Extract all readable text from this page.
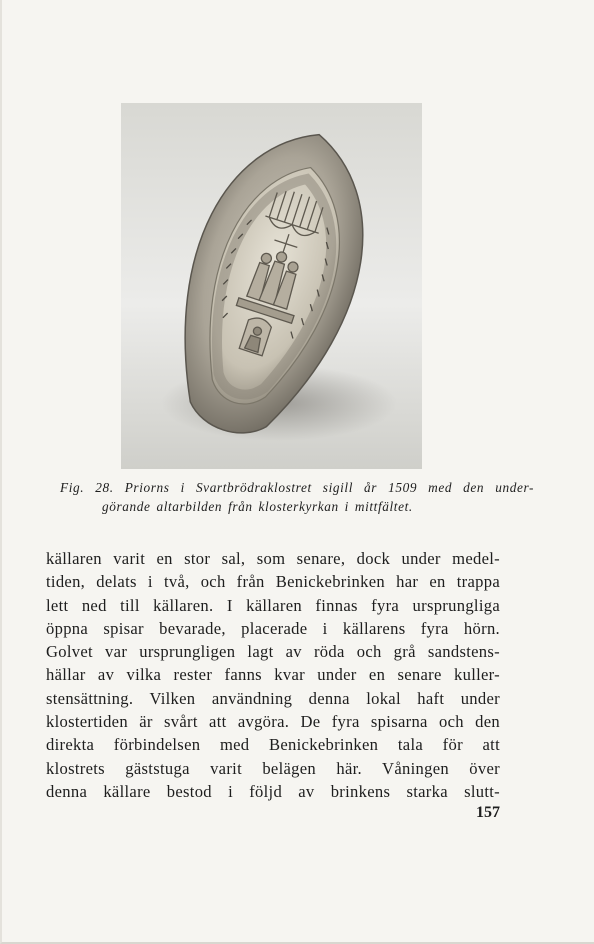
Fig. 28. Priorns i Svartbrödraklostret sigill år 1509 med den under-
görande altarbilden från klosterkyrkan i mittfältet.
källaren varit en stor sal, som senare, dock under medel-
tiden, delats i två, och från Benickebrinken har en trappa
lett ned till källaren. I källaren finnas fyra ursprungliga
öppna spisar bevarade, placerade i källarens fyra hörn.
Golvet var ursprungligen lagt av röda och grå sandstens-
hällar av vilka rester fanns kvar under en senare kuller-
stensättning. Vilken användning denna lokal haft under
klostertiden är svårt att avgöra. De fyra spisarna och den
direkta förbindelsen med Benickebrinken tala för att
klostrets gäststuga varit belägen här. Våningen över
denna källare bestod i följd av brinkens starka slutt-
157
